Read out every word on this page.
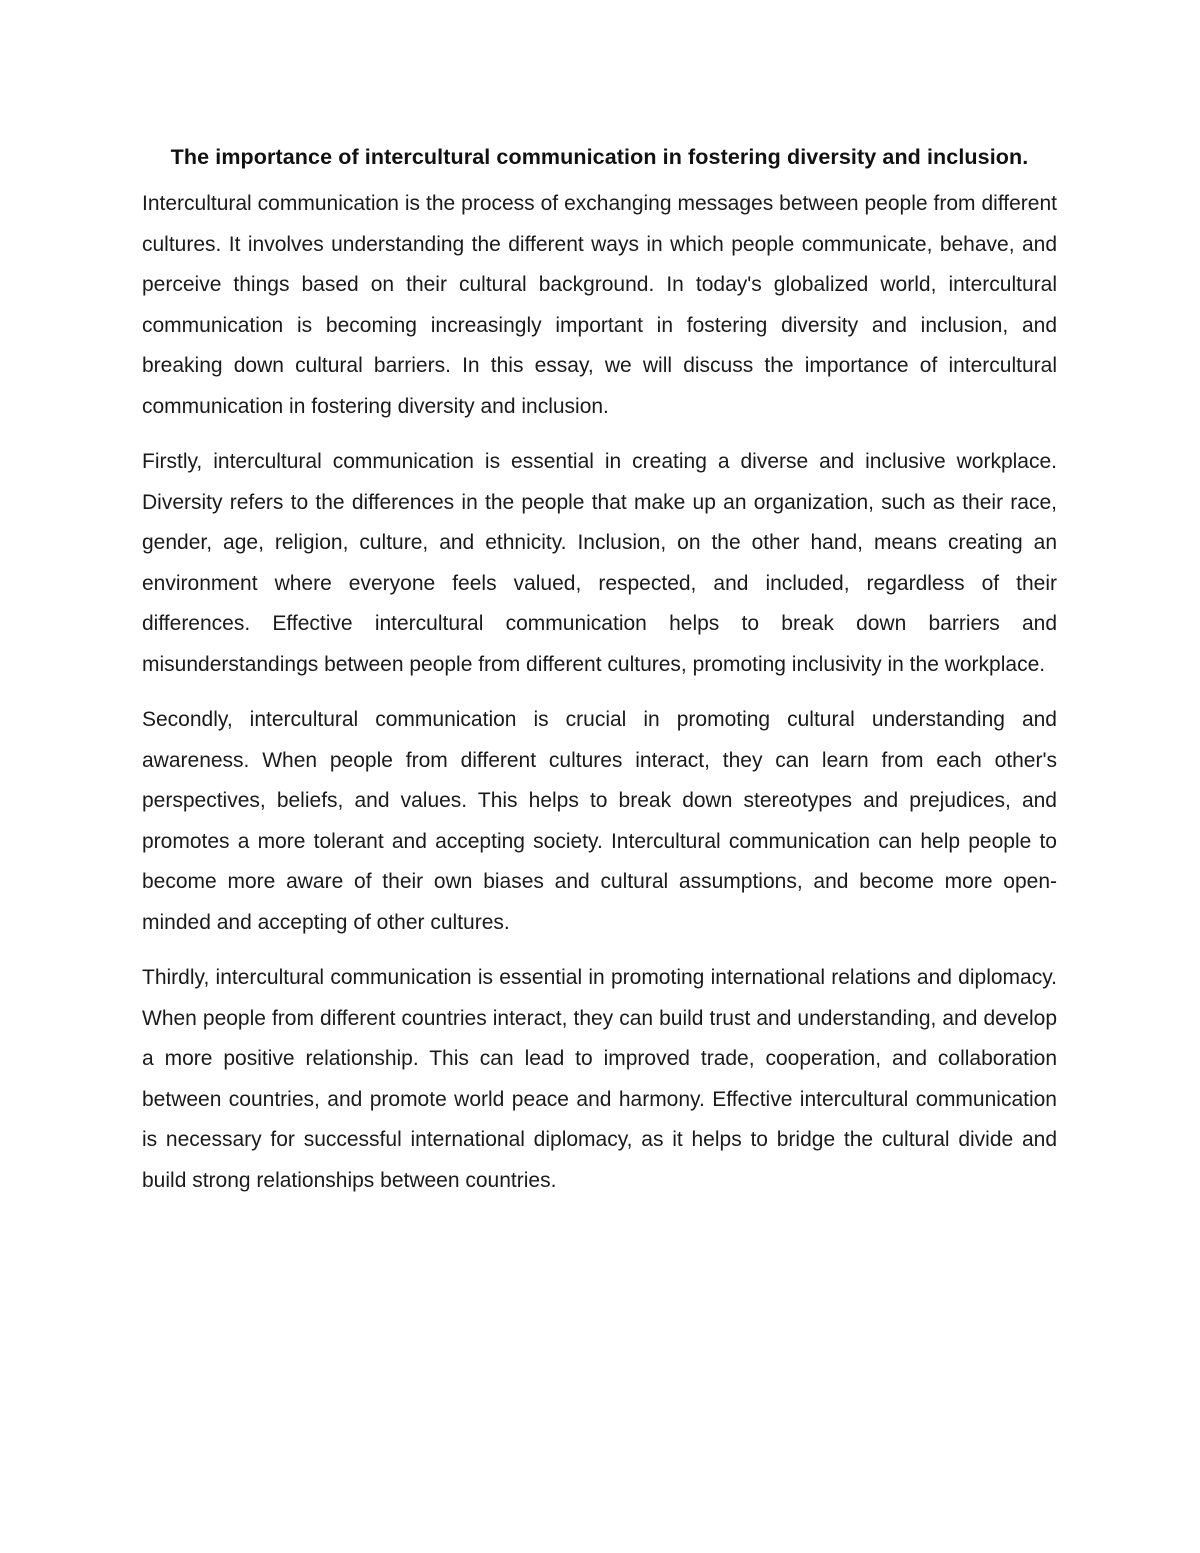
The importance of intercultural communication in fostering diversity and inclusion.

Intercultural communication is the process of exchanging messages between people from different cultures. It involves understanding the different ways in which people communicate, behave, and perceive things based on their cultural background. In today's globalized world, intercultural communication is becoming increasingly important in fostering diversity and inclusion, and breaking down cultural barriers. In this essay, we will discuss the importance of intercultural communication in fostering diversity and inclusion.

Firstly, intercultural communication is essential in creating a diverse and inclusive workplace. Diversity refers to the differences in the people that make up an organization, such as their race, gender, age, religion, culture, and ethnicity. Inclusion, on the other hand, means creating an environment where everyone feels valued, respected, and included, regardless of their differences. Effective intercultural communication helps to break down barriers and misunderstandings between people from different cultures, promoting inclusivity in the workplace.

Secondly, intercultural communication is crucial in promoting cultural understanding and awareness. When people from different cultures interact, they can learn from each other's perspectives, beliefs, and values. This helps to break down stereotypes and prejudices, and promotes a more tolerant and accepting society. Intercultural communication can help people to become more aware of their own biases and cultural assumptions, and become more open-minded and accepting of other cultures.

Thirdly, intercultural communication is essential in promoting international relations and diplomacy. When people from different countries interact, they can build trust and understanding, and develop a more positive relationship. This can lead to improved trade, cooperation, and collaboration between countries, and promote world peace and harmony. Effective intercultural communication is necessary for successful international diplomacy, as it helps to bridge the cultural divide and build strong relationships between countries.
